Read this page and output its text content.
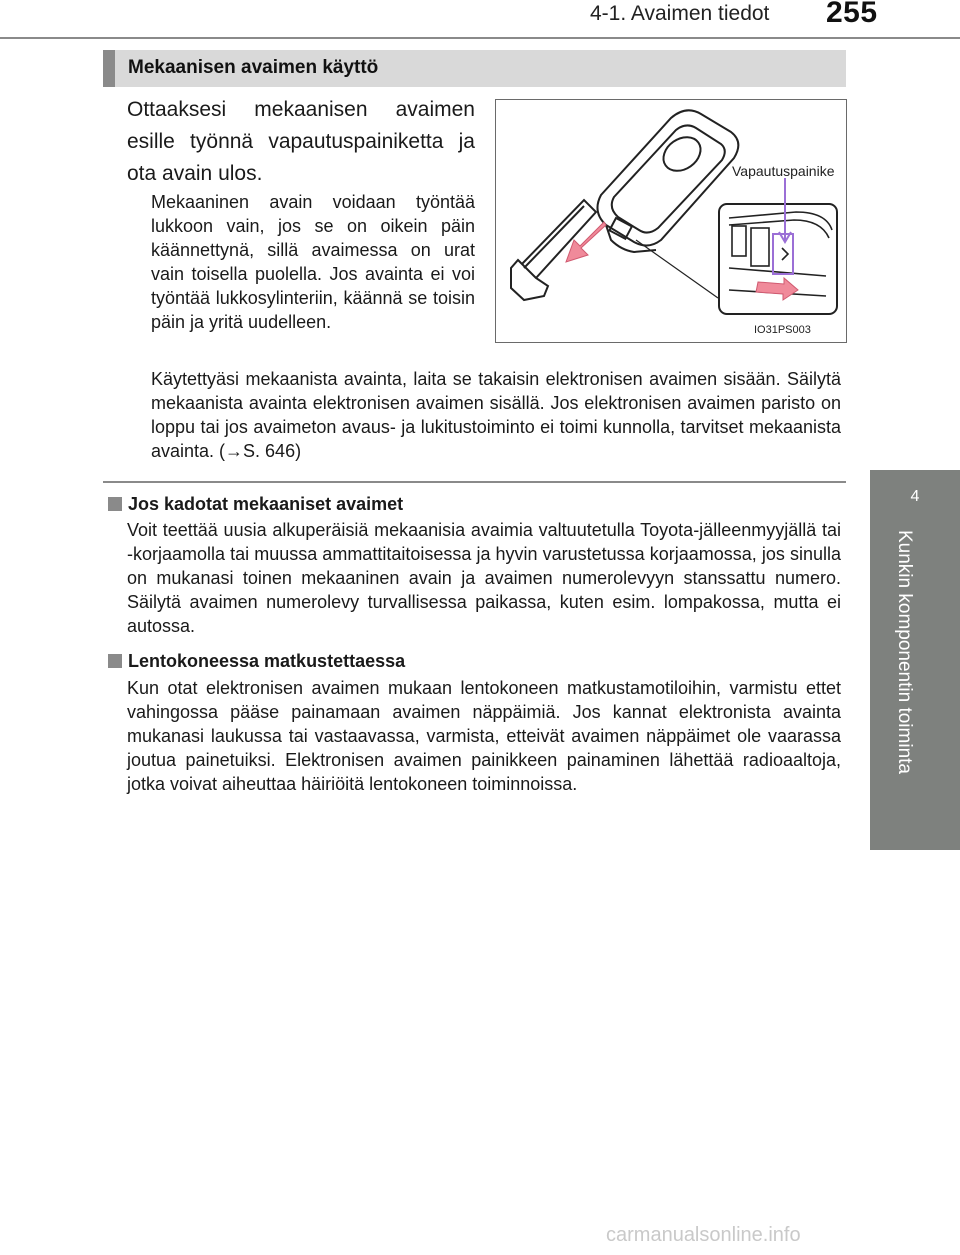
4-1. Avaimen tiedot 255
4
Kunkin komponentin toiminta
Mekaanisen avaimen käyttö
Ottaaksesi mekaanisen avaimen esille työnnä vapautuspainiketta ja ota avain ulos.
Mekaaninen avain voidaan työntää lukkoon vain, jos se on oikein päin käännettynä, sillä avaimessa on urat vain toisella puolella. Jos avainta ei voi työntää lukkosylinteriin, käännä se toisin päin ja yritä uudelleen.
Vapautuspainike
IO31PS003
Käytettyäsi mekaanista avainta, laita se takaisin elektronisen avaimen sisään. Säilytä mekaanista avainta elektronisen avaimen sisällä. Jos elektronisen avaimen paristo on loppu tai jos avaimeton avaus- ja lukitustoiminto ei toimi kunnolla, tarvitset mekaanista avainta. (→S. 646)
Jos kadotat mekaaniset avaimet
Voit teettää uusia alkuperäisiä mekaanisia avaimia valtuutetulla Toyota-jälleenmyyjällä tai -korjaamolla tai muussa ammattitaitoisessa ja hyvin varustetussa korjaamossa, jos sinulla on mukanasi toinen mekaaninen avain ja avaimen numerolevyyn stanssattu numero. Säilytä avaimen numerolevy turvallisessa paikassa, kuten esim. lompakossa, mutta ei autossa.
Lentokoneessa matkustettaessa
Kun otat elektronisen avaimen mukaan lentokoneen matkustamotiloihin, varmistu ettet vahingossa pääse painamaan avaimen näppäimiä. Jos kannat elektronista avainta mukanasi laukussa tai vastaavassa, varmista, etteivät avaimen näppäimet ole vaarassa joutua painetuiksi. Elektronisen avaimen painikkeen painaminen lähettää radioaaltoja, jotka voivat aiheuttaa häiriöitä lentokoneen toiminnoissa.
carmanualsonline.info
